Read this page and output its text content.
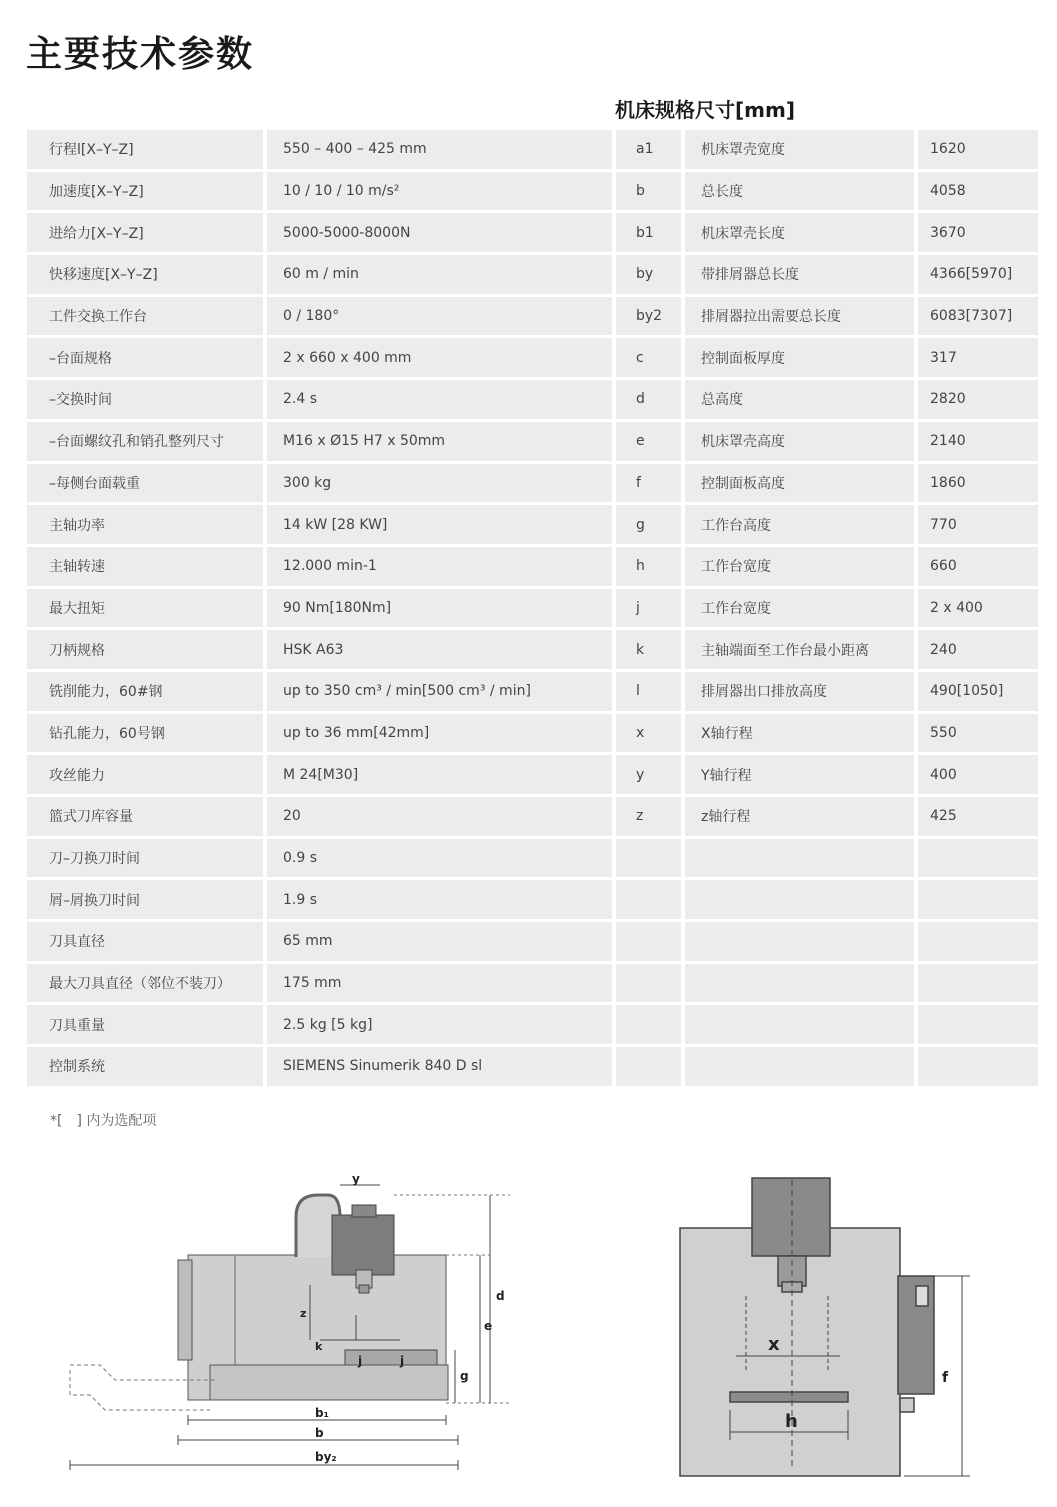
主要技术参数
机床规格尺寸[mm]
行程l[X–Y–Z]	550 – 400 – 425 mm	a1	机床罩壳宽度	1620
加速度[X–Y–Z]	10 / 10 / 10 m/s²	b	总长度	4058
进给力[X–Y–Z]	5000-5000-8000N	b1	机床罩壳长度	3670
快移速度[X–Y–Z]	60 m / min	by	带排屑器总长度	4366[5970]
工件交换工作台	0 / 180°	by2	排屑器拉出需要总长度	6083[7307]
–台面规格	2 x 660 x 400 mm	c	控制面板厚度	317
–交换时间	2.4 s	d	总高度	2820
–台面螺纹孔和销孔整列尺寸	M16 x Ø15 H7 x 50mm	e	机床罩壳高度	2140
–每侧台面载重	300 kg	f	控制面板高度	1860
主轴功率	14 kW [28 KW]	g	工作台高度	770
主轴转速	12.000 min-1	h	工作台宽度	660
最大扭矩	90 Nm[180Nm]	j	工作台宽度	2 x 400
刀柄规格	HSK A63	k	主轴端面至工作台最小距离	240
铣削能力，60#钢	up to 350 cm³ / min[500 cm³ / min]	l	排屑器出口排放高度	490[1050]
钻孔能力，60号钢	up to 36 mm[42mm]	x	X轴行程	550
攻丝能力	M 24[M30]	y	Y轴行程	400
篮式刀库容量	20	z	z轴行程	425
刀–刀换刀时间	0.9 s
屑–屑换刀时间	1.9 s
刀具直径	65 mm
最大刀具直径（邻位不装刀）	175 mm
刀具重量	2.5 kg [5 kg]
控制系统	SIEMENS Sinumerik 840 D sl
*[　] 内为选配项
y
z
k
j	j
d
e
g
b₁
b
by₂
x
h
f
